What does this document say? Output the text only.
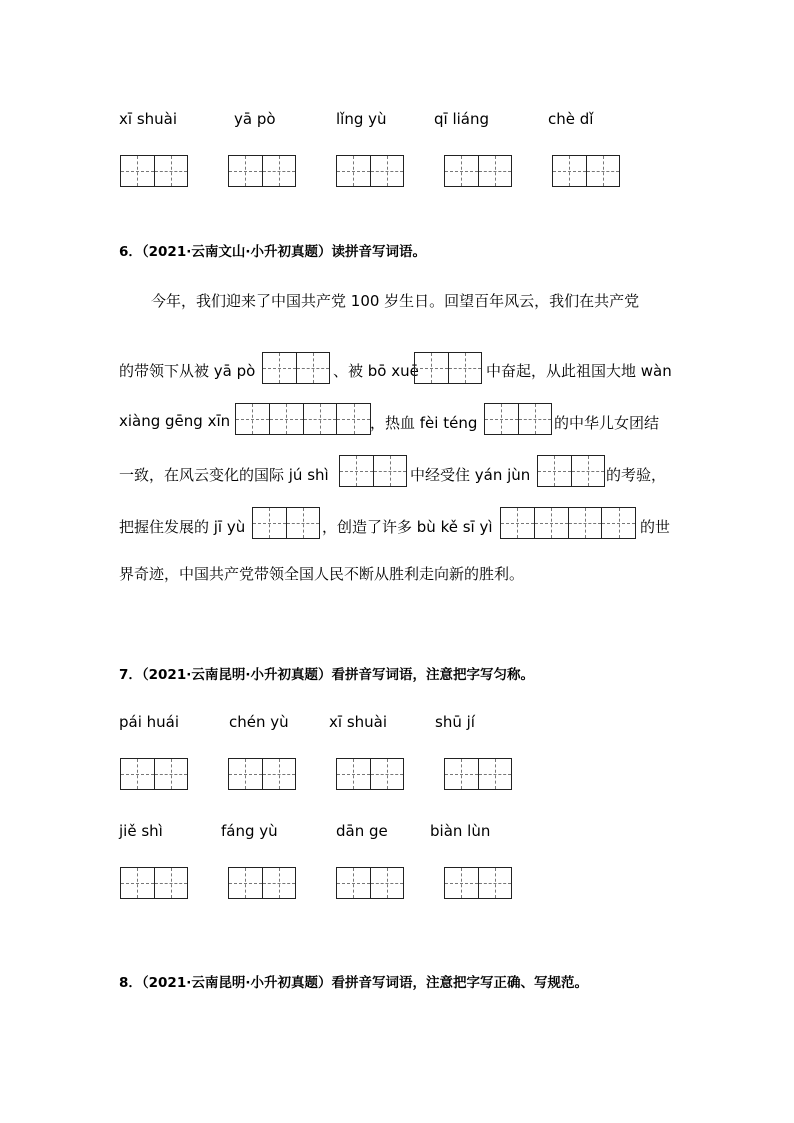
xī shuài	yā pò	lǐng yù	qī liáng	chè dǐ
6．（2021·云南文山·小升初真题）读拼音写词语。
今年，我们迎来了中国共产党 100 岁生日。回望百年风云，我们在共产党
的带领下从被 yā pò	、被 bō xuē	中奋起，从此祖国大地 wàn
xiàng gēng xīn	，热血 fèi téng	的中华儿女团结
一致，在风云变化的国际 jú shì	中经受住 yán jùn	的考验，
把握住发展的 jī yù	，创造了许多 bù kě sī yì	的世
界奇迹，中国共产党带领全国人民不断从胜利走向新的胜利。
7．（2021·云南昆明·小升初真题）看拼音写词语，注意把字写匀称。
pái huái	chén yù	xī shuài	shū jí
jiě shì	fáng yù	dān ge	biàn lùn
8．（2021·云南昆明·小升初真题）看拼音写词语，注意把字写正确、写规范。
